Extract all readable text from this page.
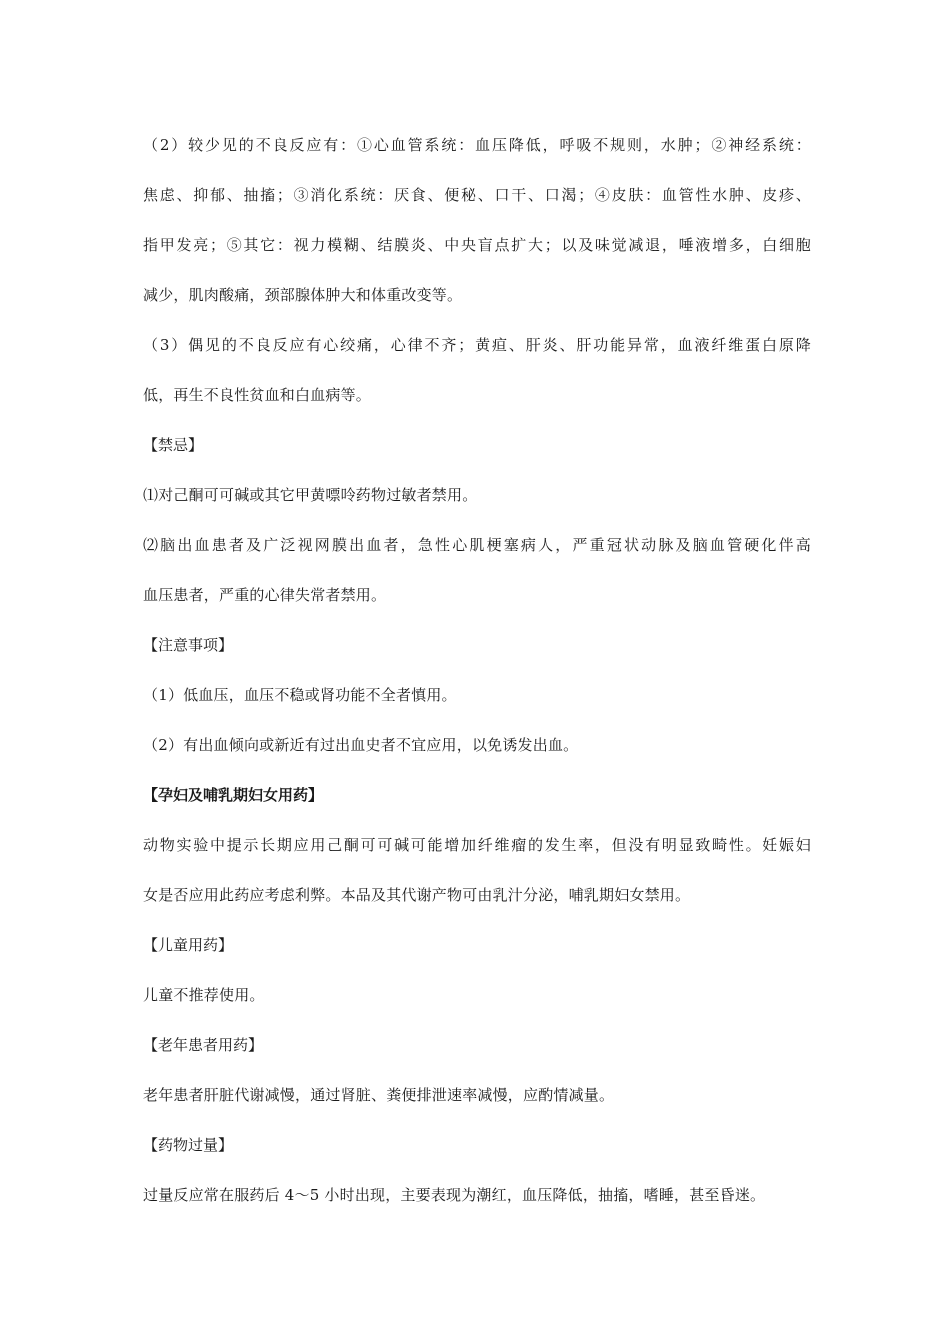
（2）较少见的不良反应有：①心血管系统：血压降低，呼吸不规则，水肿；②神经系统：
焦虑、抑郁、抽搐；③消化系统：厌食、便秘、口干、口渴；④皮肤：血管性水肿、皮疹、
指甲发亮；⑤其它：视力模糊、结膜炎、中央盲点扩大；以及味觉减退，唾液增多，白细胞
减少，肌肉酸痛，颈部腺体肿大和体重改变等。
（3）偶见的不良反应有心绞痛，心律不齐；黄疸、肝炎、肝功能异常，血液纤维蛋白原降
低，再生不良性贫血和白血病等。
【禁忌】
⑴对己酮可可碱或其它甲黄嘌呤药物过敏者禁用。
⑵脑出血患者及广泛视网膜出血者，急性心肌梗塞病人，严重冠状动脉及脑血管硬化伴高
血压患者，严重的心律失常者禁用。
【注意事项】
（1）低血压，血压不稳或肾功能不全者慎用。
（2）有出血倾向或新近有过出血史者不宜应用，以免诱发出血。
【孕妇及哺乳期妇女用药】
动物实验中提示长期应用己酮可可碱可能增加纤维瘤的发生率，但没有明显致畸性。妊娠妇
女是否应用此药应考虑利弊。本品及其代谢产物可由乳汁分泌，哺乳期妇女禁用。
【儿童用药】
儿童不推荐使用。
【老年患者用药】
老年患者肝脏代谢减慢，通过肾脏、粪便排泄速率减慢，应酌情减量。
【药物过量】
过量反应常在服药后 4～5 小时出现，主要表现为潮红，血压降低，抽搐，嗜睡，甚至昏迷。
